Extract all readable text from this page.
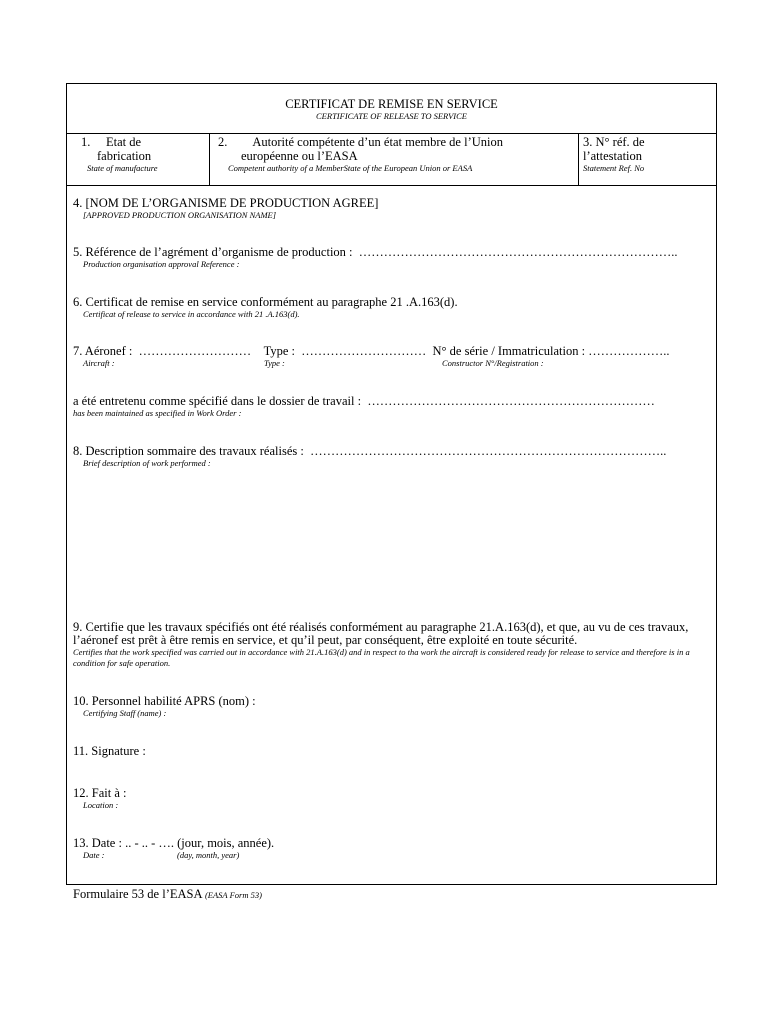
CERTIFICAT DE REMISE EN SERVICE
CERTIFICATE OF RELEASE TO SERVICE
1. Etat de
fabrication
State of manufacture
2. Autorité compétente d’un état membre de l’Union
européenne ou l’EASA
Competent authority of a MemberState of the European Union or EASA
3. N° réf. de
l’attestation
Statement Ref. No
4. [NOM DE L’ORGANISME DE PRODUCTION AGREE]
[APPROVED PRODUCTION ORGANISATION NAME]
5. Référence de l’agrément d’organisme de production : …………………………………………………………………..
Production organisation approval Reference :
6. Certificat de remise en service conformément au paragraphe 21 .A.163(d).
Certificat of release to service in accordance with 21 .A.163(d).
7. Aéronef : ……………………… Type : ………………………… N° de série / Immatriculation : ………………..
Aircraft :	Type :	Constructor N°/Registration :
a été entretenu comme spécifié dans le dossier de travail : ……………………………………………………………
has been maintained as specified in Work Order :
8. Description sommaire des travaux réalisés : …………………………………………………………………………..
Brief description of work performed :
9. Certifie que les travaux spécifiés ont été réalisés conformément au paragraphe 21.A.163(d), et que, au vu de ces travaux, l’aéronef est prêt à être remis en service, et qu’il peut, par conséquent, être exploité en toute sécurité.
Certifies that the work specified was carried out in accordance with 21.A.163(d) and in respect to tha work the aircraft is considered ready for release to service and therefore is in a condition for safe operation.
10. Personnel habilité APRS (nom) :
Certifying Staff (name) :
11. Signature :
12. Fait à :
Location :
13. Date : .. - .. - …. (jour, mois, année).
Date :	(day, month, year)
Formulaire 53 de l’EASA (EASA Form 53)
